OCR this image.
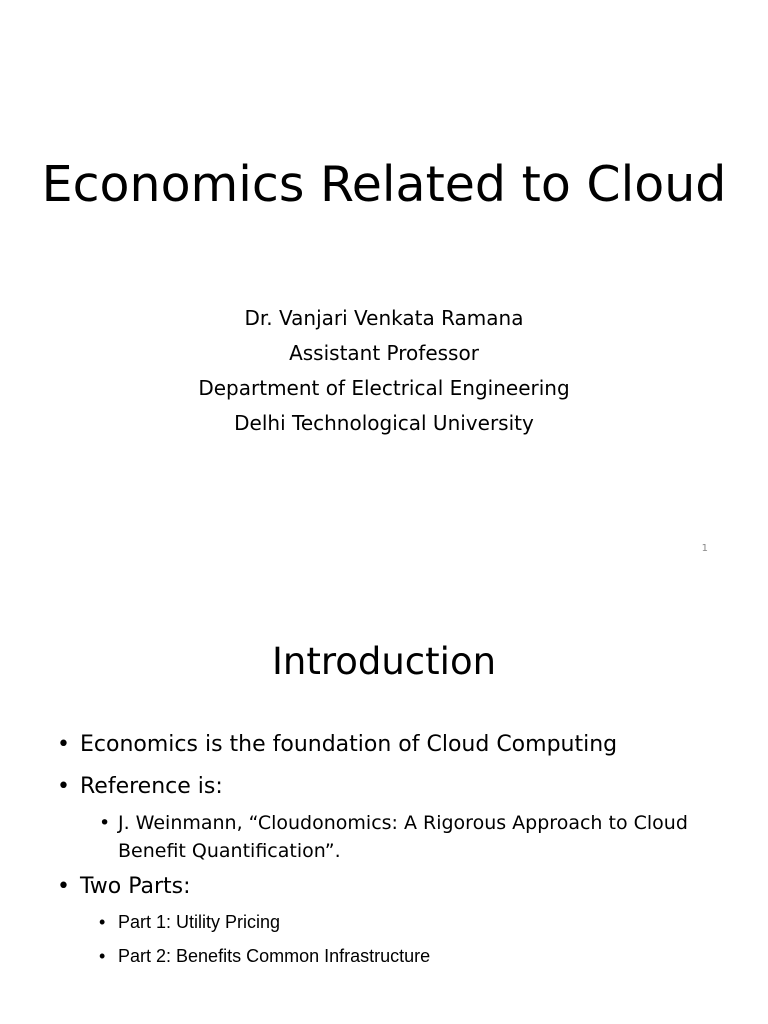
Economics Related to Cloud
Dr. Vanjari Venkata Ramana
Assistant Professor
Department of Electrical Engineering
Delhi Technological University
1
Introduction
• Economics is the foundation of Cloud Computing
• Reference is:
• J. Weinmann, “Cloudonomics: A Rigorous Approach to Cloud Benefit Quantification”.
• Two Parts:
• Part 1: Utility Pricing
• Part 2: Benefits Common Infrastructure
